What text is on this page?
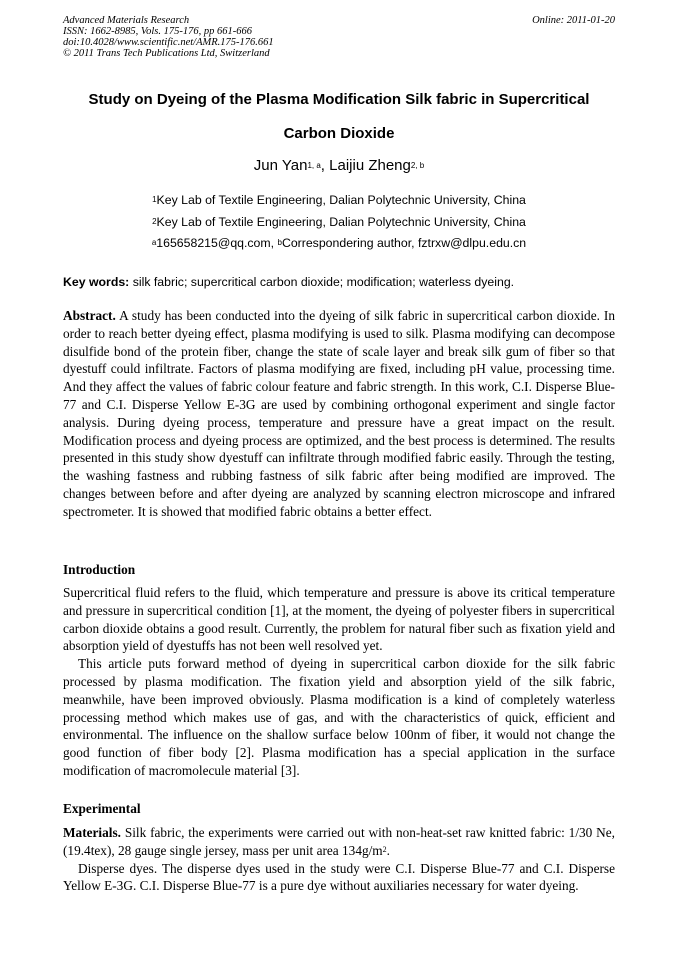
Advanced Materials Research
ISSN: 1662-8985, Vols. 175-176, pp 661-666
doi:10.4028/www.scientific.net/AMR.175-176.661
© 2011 Trans Tech Publications Ltd, Switzerland
Online: 2011-01-20
Study on Dyeing of the Plasma Modification Silk fabric in Supercritical
Carbon Dioxide
Jun Yan$^{1, a}$, Laijiu Zheng$^{2, b}$
$^1$Key Lab of Textile Engineering, Dalian Polytechnic University, China
$^2$Key Lab of Textile Engineering, Dalian Polytechnic University, China
$^a$165658215@qq.com, $^b$Correspondering author, fztrxw@dlpu.edu.cn
Key words: silk fabric; supercritical carbon dioxide; modification; waterless dyeing.
Abstract. A study has been conducted into the dyeing of silk fabric in supercritical carbon dioxide. In order to reach better dyeing effect, plasma modifying is used to silk. Plasma modifying can decompose disulfide bond of the protein fiber, change the state of scale layer and break silk gum of fiber so that dyestuff could infiltrate. Factors of plasma modifying are fixed, including pH value, processing time. And they affect the values of fabric colour feature and fabric strength. In this work, C.I. Disperse Blue-77 and C.I. Disperse Yellow E-3G are used by combining orthogonal experiment and single factor analysis. During dyeing process, temperature and pressure have a great impact on the result. Modification process and dyeing process are optimized, and the best process is determined. The results presented in this study show dyestuff can infiltrate through modified fabric easily. Through the testing, the washing fastness and rubbing fastness of silk fabric after being modified are improved. The changes between before and after dyeing are analyzed by scanning electron microscope and infrared spectrometer. It is showed that modified fabric obtains a better effect.
Introduction
Supercritical fluid refers to the fluid, which temperature and pressure is above its critical temperature and pressure in supercritical condition [1], at the moment, the dyeing of polyester fibers in supercritical carbon dioxide obtains a good result. Currently, the problem for natural fiber such as fixation yield and absorption yield of dyestuffs has not been well resolved yet.
This article puts forward method of dyeing in supercritical carbon dioxide for the silk fabric processed by plasma modification. The fixation yield and absorption yield of the silk fabric, meanwhile, have been improved obviously. Plasma modification is a kind of completely waterless processing method which makes use of gas, and with the characteristics of quick, efficient and environmental. The influence on the shallow surface below 100nm of fiber, it would not change the good function of fiber body [2]. Plasma modification has a special application in the surface modification of macromolecule material [3].
Experimental
Materials. Silk fabric, the experiments were carried out with non-heat-set raw knitted fabric: 1/30 Ne, (19.4tex), 28 gauge single jersey, mass per unit area $134g/m^2$.
Disperse dyes. The disperse dyes used in the study were C.I. Disperse Blue-77 and C.I. Disperse Yellow E-3G. C.I. Disperse Blue-77 is a pure dye without auxiliaries necessary for water dyeing.
